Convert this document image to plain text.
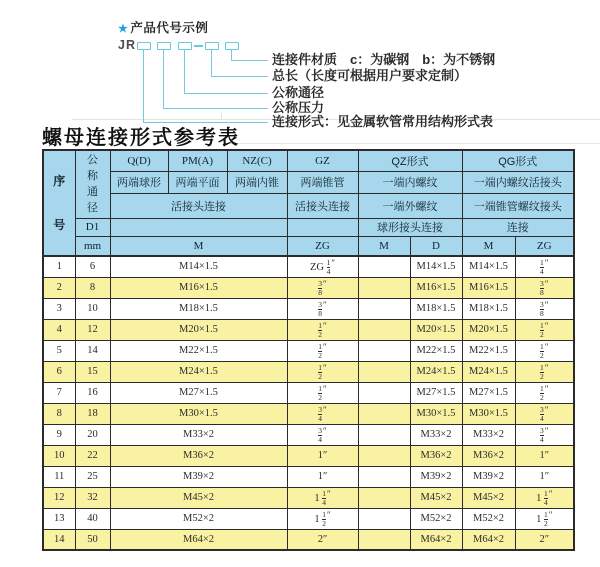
★ 产品代号示例
JR
连接件材质　c：为碳钢　b：为不锈钢
总长（长度可根据用户要求定制）
公称通径
公称压力
连接形式：见金属软管常用结构形式表
螺母连接形式参考表
序
号	公
称
通
径	Q(D)	PM(A)	NZ(C)	GZ	QZ形式		QG形式	
		两端球形	两端平面	两端内锥	两端锥管	一端内螺纹		一端内螺纹活接头	
		活接头连接			活接头连接	一端外螺纹		一端锥管螺纹接头	
	D1					球形接头连接		连接	
	mm	M			ZG	M	D	M	ZG
1	6	M14×1.5			ZG $\frac{1}{4}$ ″		M14×1.5	M14×1.5	$\frac{1}{4}$ ″
2	8	M16×1.5			$\frac{3}{8}$ ″		M16×1.5	M16×1.5	$\frac{3}{8}$ ″
3	10	M18×1.5			$\frac{3}{8}$ ″		M18×1.5	M18×1.5	$\frac{3}{8}$ ″
4	12	M20×1.5			$\frac{1}{2}$ ″		M20×1.5	M20×1.5	$\frac{1}{2}$ ″
5	14	M22×1.5			$\frac{1}{2}$ ″		M22×1.5	M22×1.5	$\frac{1}{2}$ ″
6	15	M24×1.5			$\frac{1}{2}$ ″		M24×1.5	M24×1.5	$\frac{1}{2}$ ″
7	16	M27×1.5			$\frac{1}{2}$ ″		M27×1.5	M27×1.5	$\frac{1}{2}$ ″
8	18	M30×1.5			$\frac{3}{4}$ ″		M30×1.5	M30×1.5	$\frac{3}{4}$ ″
9	20	M33×2			$\frac{3}{4}$ ″		M33×2	M33×2	$\frac{3}{4}$ ″
10	22	M36×2			1″		M36×2	M36×2	1″
11	25	M39×2			1″		M39×2	M39×2	1″
12	32	M45×2			$1 \frac{1}{4}$ ″		M45×2	M45×2	$1 \frac{1}{4}$ ″
13	40	M52×2			$1 \frac{1}{2}$ ″		M52×2	M52×2	$1 \frac{1}{2}$ ″
14	50	M64×2			2″		M64×2	M64×2	2″
